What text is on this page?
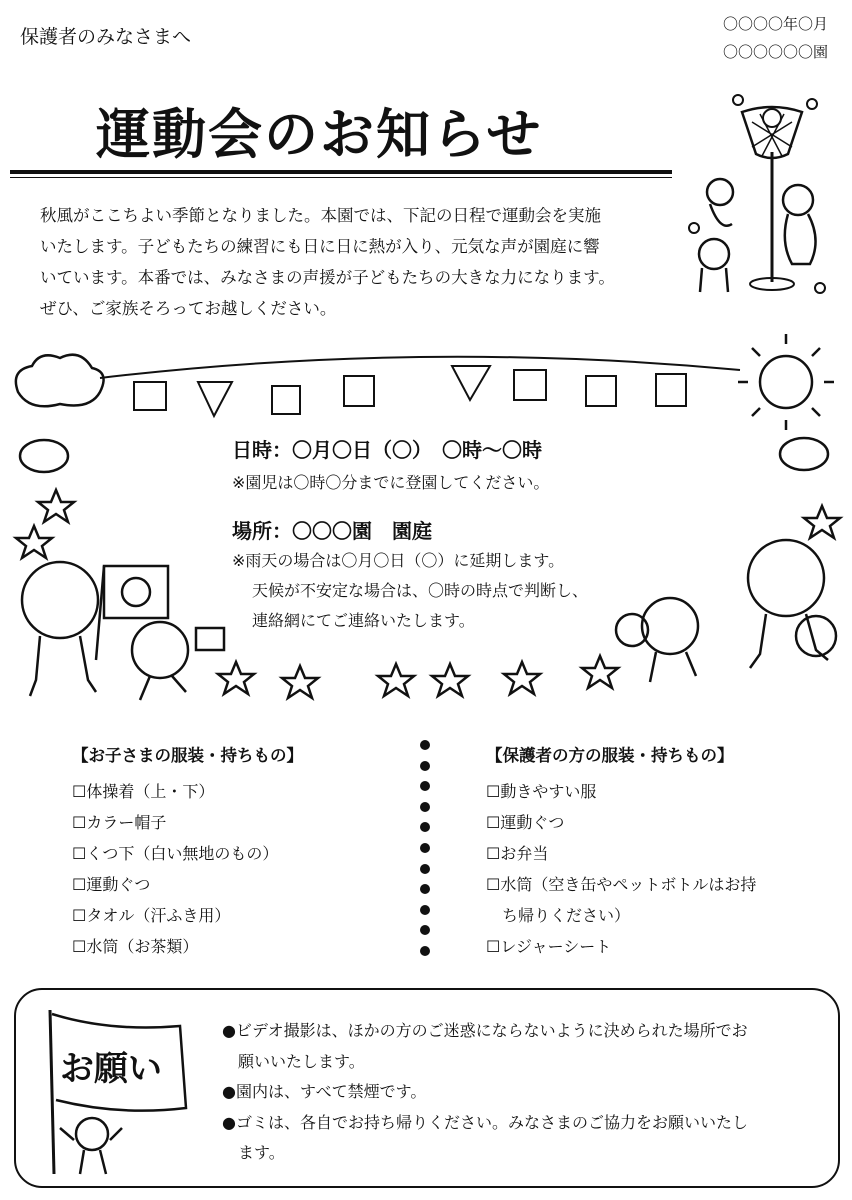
保護者のみなさまへ
〇〇〇〇年〇月
〇〇〇〇〇〇園
運動会のお知らせ

秋風がここちよい季節となりました。本園では、下記の日程で運動会を実施

いたします。子どもたちの練習にも日に日に熱が入り、元気な声が園庭に響

いています。本番では、みなさまの声援が子どもたちの大きな力になります。

ぜひ、ご家族そろってお越しください。

日時：〇月〇日（〇）　〇時～〇時
※園児は〇時〇分までに登園してください。
場所：〇〇〇園　園庭
※雨天の場合は〇月〇日（〇）に延期します。
天候が不安定な場合は、〇時の時点で判断し、
連絡網にてご連絡いたします。
【お子さまの服装・持ちもの】
☐体操着（上・下）
☐カラー帽子
☐くつ下（白い無地のもの）
☐運動ぐつ
☐タオル（汗ふき用）
☐水筒（お茶類）
【保護者の方の服装・持ちもの】
☐動きやすい服
☐運動ぐつ
☐お弁当
☐水筒（空き缶やペットボトルはお持
　ち帰りください）
☐レジャーシート
お願い

●ビデオ撮影は、ほかの方のご迷惑にならないように決められた場所でお

　願いいたします。

●園内は、すべて禁煙です。

●ゴミは、各自でお持ち帰りください。みなさまのご協力をお願いいたし

　ます。
